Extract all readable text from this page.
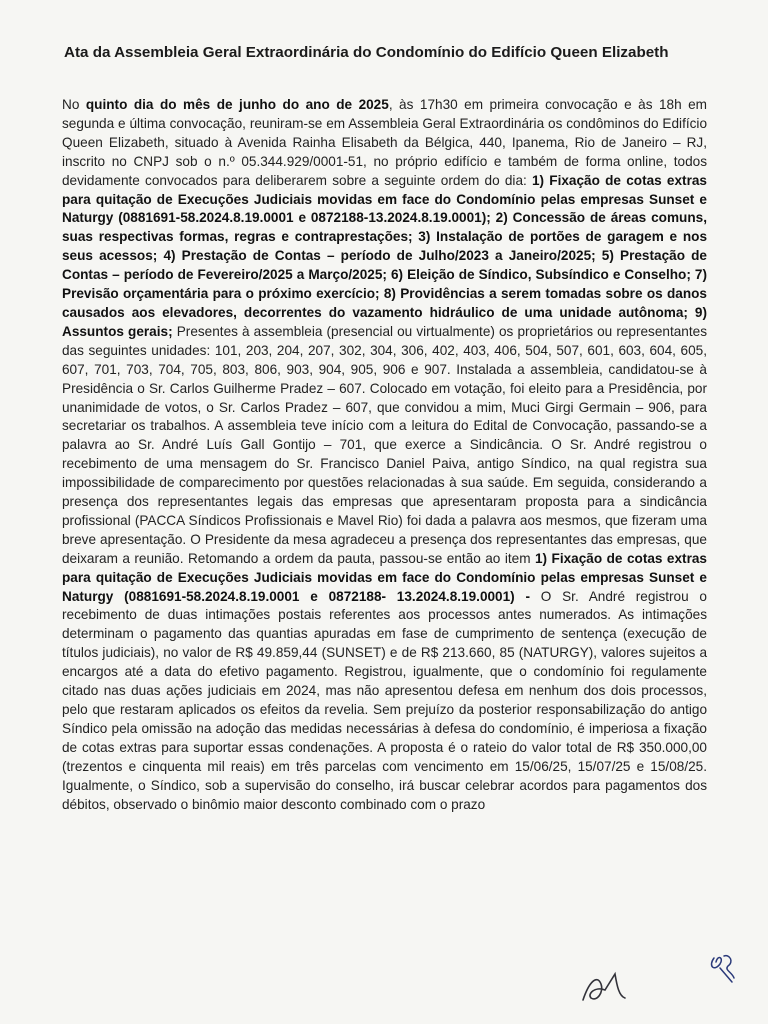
Ata da Assembleia Geral Extraordinária do Condomínio do Edifício Queen Elizabeth
No quinto dia do mês de junho do ano de 2025, às 17h30 em primeira convocação e às 18h em segunda e última convocação, reuniram-se em Assembleia Geral Extraordinária os condôminos do Edifício Queen Elizabeth, situado à Avenida Rainha Elisabeth da Bélgica, 440, Ipanema, Rio de Janeiro – RJ, inscrito no CNPJ sob o n.º 05.344.929/0001-51, no próprio edifício e também de forma online, todos devidamente convocados para deliberarem sobre a seguinte ordem do dia: 1) Fixação de cotas extras para quitação de Execuções Judiciais movidas em face do Condomínio pelas empresas Sunset e Naturgy (0881691-58.2024.8.19.0001 e 0872188-13.2024.8.19.0001); 2) Concessão de áreas comuns, suas respectivas formas, regras e contraprestações; 3) Instalação de portões de garagem e nos seus acessos; 4) Prestação de Contas – período de Julho/2023 a Janeiro/2025; 5) Prestação de Contas – período de Fevereiro/2025 a Março/2025; 6) Eleição de Síndico, Subsíndico e Conselho; 7) Previsão orçamentária para o próximo exercício; 8) Providências a serem tomadas sobre os danos causados aos elevadores, decorrentes do vazamento hidráulico de uma unidade autônoma; 9) Assuntos gerais; Presentes à assembleia (presencial ou virtualmente) os proprietários ou representantes das seguintes unidades: 101, 203, 204, 207, 302, 304, 306, 402, 403, 406, 504, 507, 601, 603, 604, 605, 607, 701, 703, 704, 705, 803, 806, 903, 904, 905, 906 e 907. Instalada a assembleia, candidatou-se à Presidência o Sr. Carlos Guilherme Pradez – 607. Colocado em votação, foi eleito para a Presidência, por unanimidade de votos, o Sr. Carlos Pradez – 607, que convidou a mim, Muci Girgi Germain – 906, para secretariar os trabalhos. A assembleia teve início com a leitura do Edital de Convocação, passando-se a palavra ao Sr. André Luís Gall Gontijo – 701, que exerce a Sindicância. O Sr. André registrou o recebimento de uma mensagem do Sr. Francisco Daniel Paiva, antigo Síndico, na qual registra sua impossibilidade de comparecimento por questões relacionadas à sua saúde. Em seguida, considerando a presença dos representantes legais das empresas que apresentaram proposta para a sindicância profissional (PACCA Síndicos Profissionais e Mavel Rio) foi dada a palavra aos mesmos, que fizeram uma breve apresentação. O Presidente da mesa agradeceu a presença dos representantes das empresas, que deixaram a reunião. Retomando a ordem da pauta, passou-se então ao item 1) Fixação de cotas extras para quitação de Execuções Judiciais movidas em face do Condomínio pelas empresas Sunset e Naturgy (0881691-58.2024.8.19.0001 e 0872188- 13.2024.8.19.0001) - O Sr. André registrou o recebimento de duas intimações postais referentes aos processos antes numerados. As intimações determinam o pagamento das quantias apuradas em fase de cumprimento de sentença (execução de títulos judiciais), no valor de R$ 49.859,44 (SUNSET) e de R$ 213.660, 85 (NATURGY), valores sujeitos a encargos até a data do efetivo pagamento. Registrou, igualmente, que o condomínio foi regulamente citado nas duas ações judiciais em 2024, mas não apresentou defesa em nenhum dos dois processos, pelo que restaram aplicados os efeitos da revelia. Sem prejuízo da posterior responsabilização do antigo Síndico pela omissão na adoção das medidas necessárias à defesa do condomínio, é imperiosa a fixação de cotas extras para suportar essas condenações. A proposta é o rateio do valor total de R$ 350.000,00 (trezentos e cinquenta mil reais) em três parcelas com vencimento em 15/06/25, 15/07/25 e 15/08/25. Igualmente, o Síndico, sob a supervisão do conselho, irá buscar celebrar acordos para pagamentos dos débitos, observado o binômio maior desconto combinado com o prazo
